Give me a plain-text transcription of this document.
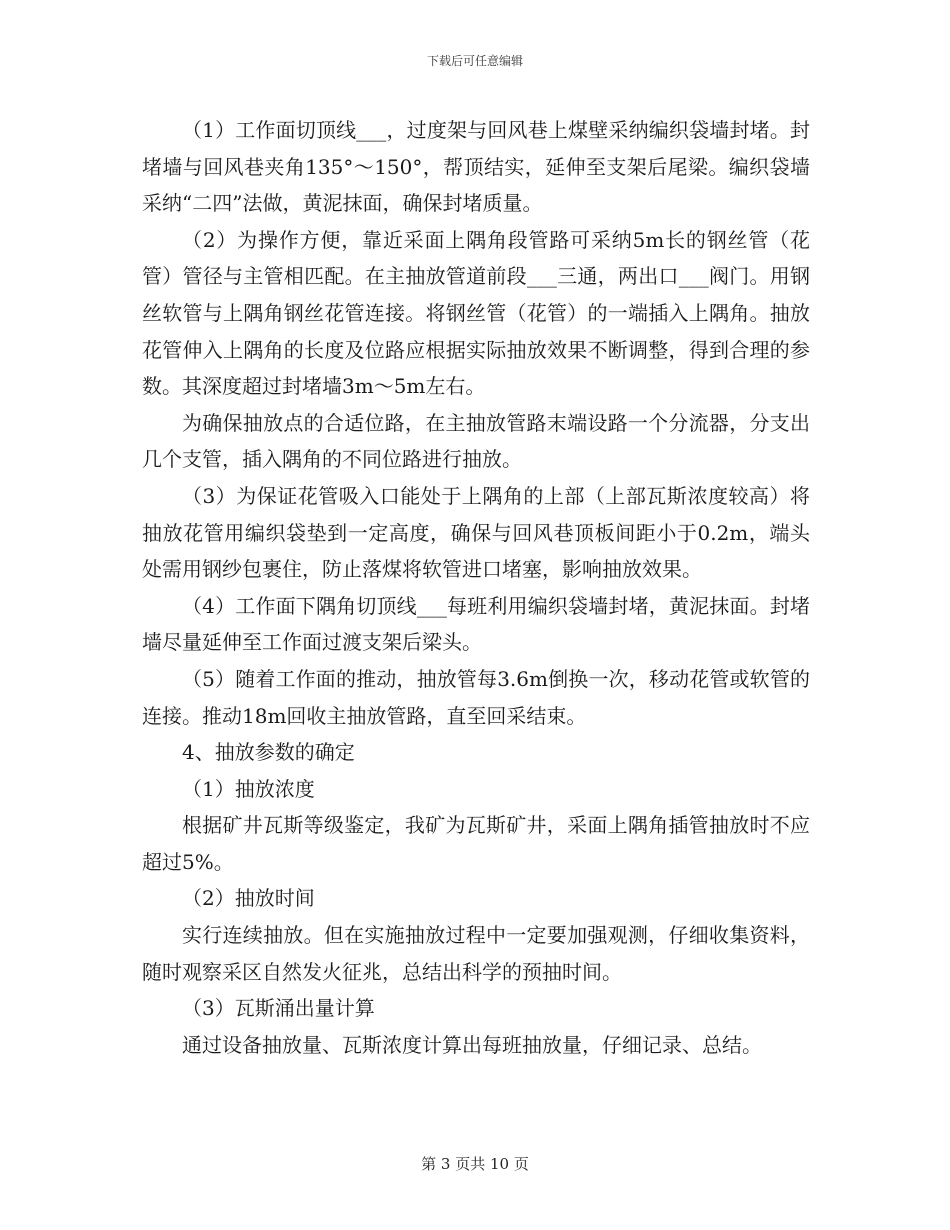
下载后可任意编辑

（1）工作面切顶线___，过度架与回风巷上煤壁采纳编织袋墙封堵。封堵墙与回风巷夹角135°～150°，帮顶结实，延伸至支架后尾梁。编织袋墙采纳“二四”法做，黄泥抹面，确保封堵质量。

（2）为操作方便，靠近采面上隅角段管路可采纳5m长的钢丝管（花管）管径与主管相匹配。在主抽放管道前段___三通，两出口___阀门。用钢丝软管与上隅角钢丝花管连接。将钢丝管（花管）的一端插入上隅角。抽放花管伸入上隅角的长度及位路应根据实际抽放效果不断调整，得到合理的参数。其深度超过封堵墙3m～5m左右。

为确保抽放点的合适位路，在主抽放管路末端设路一个分流器，分支出几个支管，插入隅角的不同位路进行抽放。

（3）为保证花管吸入口能处于上隅角的上部（上部瓦斯浓度较高）将抽放花管用编织袋垫到一定高度，确保与回风巷顶板间距小于0.2m，端头处需用钢纱包裹住，防止落煤将软管进口堵塞，影响抽放效果。

（4）工作面下隅角切顶线___每班利用编织袋墙封堵，黄泥抹面。封堵墙尽量延伸至工作面过渡支架后梁头。

（5）随着工作面的推动，抽放管每3.6m倒换一次，移动花管或软管的连接。推动18m回收主抽放管路，直至回采结束。

4、抽放参数的确定

（1）抽放浓度

根据矿井瓦斯等级鉴定，我矿为瓦斯矿井，采面上隅角插管抽放时不应超过5%。

（2）抽放时间

实行连续抽放。但在实施抽放过程中一定要加强观测，仔细收集资料，随时观察采区自然发火征兆，总结出科学的预抽时间。

（3）瓦斯涌出量计算

通过设备抽放量、瓦斯浓度计算出每班抽放量，仔细记录、总结。

第 3 页共 10 页
